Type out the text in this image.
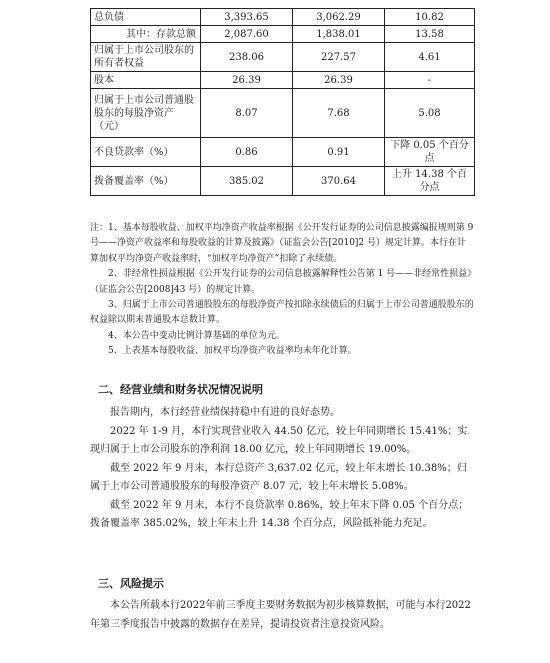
总负债	3,393.65	3,062.29	10.82
其中：存款总额	2,087.60	1,838.01	13.58
归属于上市公司股东的所有者权益	238.06	227.57	4.61
股本	26.39	26.39	-
归属于上市公司普通股股东的每股净资产（元）	8.07	7.68	5.08
不良贷款率（%）	0.86	0.91	下降 0.05 个百分点
拨备覆盖率（%）	385.02	370.64	上升 14.38 个百分点

注：1、基本每股收益、加权平均净资产收益率根据《公开发行证券的公司信息披露编报规则第 9 号——净资产收益率和每股收益的计算及披露》（证监会公告[2010]2 号）规定计算。本行在计算加权平均净资产收益率时，“加权平均净资产”扣除了永续债。

2、非经常性损益根据《公开发行证券的公司信息披露解释性公告第 1 号——非经常性损益》（证监会公告[2008]43 号）的规定计算。

3、归属于上市公司普通股股东的每股净资产按扣除永续债后的归属于上市公司普通股股东的权益除以期末普通股本总数计算。

4、本公告中变动比例计算基础的单位为元。

5、上表基本每股收益、加权平均净资产收益率均未年化计算。

二、经营业绩和财务状况情况说明

报告期内，本行经营业绩保持稳中有进的良好态势。

2022 年 1-9 月，本行实现营业收入 44.50 亿元，较上年同期增长 15.41%；实现归属于上市公司股东的净利润 18.00 亿元，较上年同期增长 19.00%。

截至 2022 年 9 月末，本行总资产 3,637.02 亿元，较上年末增长 10.38%；归属于上市公司普通股股东的每股净资产 8.07 元，较上年末增长 5.08%。

截至 2022 年 9 月末，本行不良贷款率 0.86%，较上年末下降 0.05 个百分点；拨备覆盖率 385.02%，较上年末上升 14.38 个百分点，风险抵补能力充足。

三、风险提示

本公告所载本行2022年前三季度主要财务数据为初步核算数据，可能与本行2022年第三季度报告中披露的数据存在差异，提请投资者注意投资风险。
